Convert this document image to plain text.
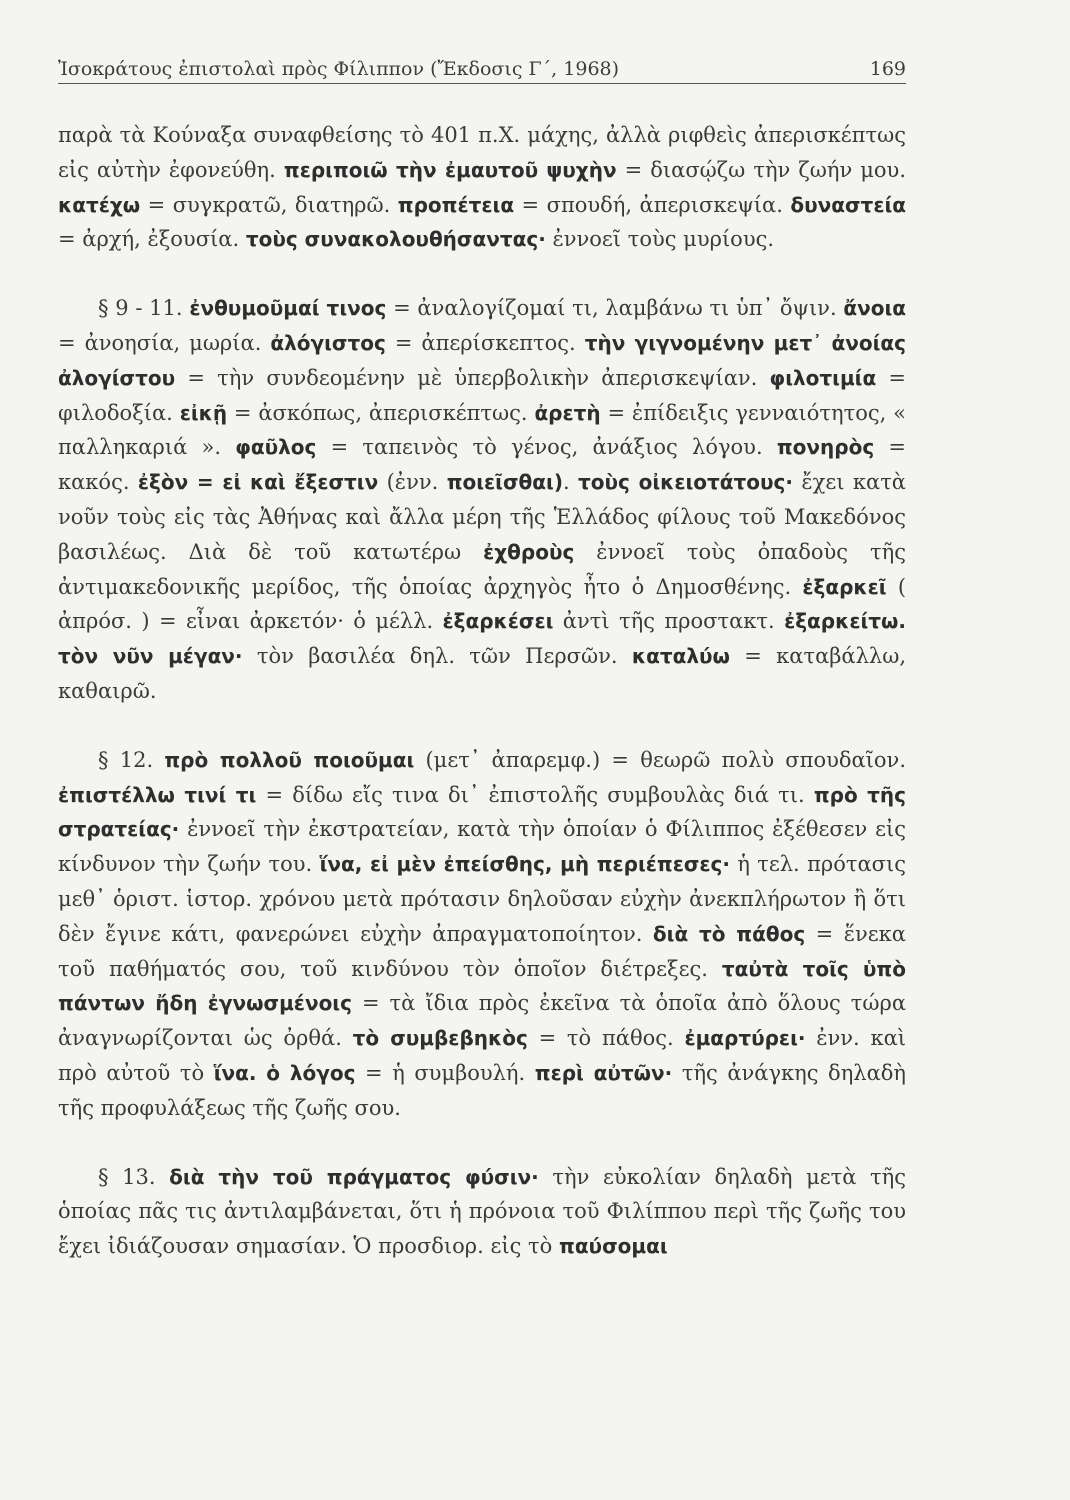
Ἰσοκράτους ἐπιστολαὶ πρὸς Φίλιππον (Ἔκδοσις Γ΄, 1968)	169

παρὰ τὰ Κούναξα συναφθείσης τὸ 401 π.Χ. μάχης, ἀλλὰ ριφθεὶς ἀπερισκέπτως εἰς αὐτὴν ἐφονεύθη. περιποιῶ τὴν ἐμαυτοῦ ψυχὴν = διασῴζω τὴν ζωήν μου. κατέχω = συγκρατῶ, διατηρῶ. προπέτεια = σπουδή, ἀπερισκεψία. δυναστεία = ἀρχή, ἐξουσία. τοὺς συνακολουθήσαντας· ἐννοεῖ τοὺς μυρίους.

§ 9 - 11. ἐνθυμοῦμαί τινος = ἀναλογίζομαί τι, λαμβάνω τι ὑπ᾽ ὄψιν. ἄνοια = ἀνοησία, μωρία. ἀλόγιστος = ἀπερίσκεπτος. τὴν γιγνομένην μετ᾽ ἀνοίας ἀλογίστου = τὴν συνδεομένην μὲ ὑπερβολικὴν ἀπερισκεψίαν. φιλοτιμία = φιλοδοξία. εἰκῇ = ἀσκόπως, ἀπερισκέπτως. ἀρετὴ = ἐπίδειξις γενναιότητος, « παλληκαριά ». φαῦλος = ταπεινὸς τὸ γένος, ἀνάξιος λόγου. πονηρὸς = κακός. ἐξὸν = εἰ καὶ ἔξεστιν (ἐνν. ποιεῖσθαι). τοὺς οἰκειοτάτους· ἔχει κατὰ νοῦν τοὺς εἰς τὰς Ἀθήνας καὶ ἄλλα μέρη τῆς Ἑλλάδος φίλους τοῦ Μακεδόνος βασιλέως. Διὰ δὲ τοῦ κατωτέρω ἐχθροὺς ἐννοεῖ τοὺς ὀπαδοὺς τῆς ἀντιμακεδονικῆς μερίδος, τῆς ὁποίας ἀρχηγὸς ἦτο ὁ Δημοσθένης. ἐξαρκεῖ ( ἀπρόσ. ) = εἶναι ἀρκετόν· ὁ μέλλ. ἐξαρκέσει ἀντὶ τῆς προστακτ. ἐξαρκείτω. τὸν νῦν μέγαν· τὸν βασιλέα δηλ. τῶν Περσῶν. καταλύω = καταβάλλω, καθαιρῶ.

§ 12. πρὸ πολλοῦ ποιοῦμαι (μετ᾽ ἀπαρεμφ.) = θεωρῶ πολὺ σπουδαῖον. ἐπιστέλλω τινί τι = δίδω εἴς τινα δι᾽ ἐπιστολῆς συμβουλὰς διά τι. πρὸ τῆς στρατείας· ἐννοεῖ τὴν ἐκστρατείαν, κατὰ τὴν ὁποίαν ὁ Φίλιππος ἐξέθεσεν εἰς κίνδυνον τὴν ζωήν του. ἵνα, εἰ μὲν ἐπείσθης, μὴ περιέπεσες· ἡ τελ. πρότασις μεθ᾽ ὁριστ. ἱστορ. χρόνου μετὰ πρότασιν δηλοῦσαν εὐχὴν ἀνεκπλήρωτον ἢ ὅτι δὲν ἔγινε κάτι, φανερώνει εὐχὴν ἀπραγματοποίητον. διὰ τὸ πάθος = ἕνεκα τοῦ παθήματός σου, τοῦ κινδύνου τὸν ὁποῖον διέτρεξες. ταὐτὰ τοῖς ὑπὸ πάντων ἤδη ἐγνωσμένοις = τὰ ἴδια πρὸς ἐκεῖνα τὰ ὁποῖα ἀπὸ ὅλους τώρα ἀναγνωρίζονται ὡς ὀρθά. τὸ συμβεβηκὸς = τὸ πάθος. ἐμαρτύρει· ἐνν. καὶ πρὸ αὐτοῦ τὸ ἵνα. ὁ λόγος = ἡ συμβουλή. περὶ αὐτῶν· τῆς ἀνάγκης δηλαδὴ τῆς προφυλάξεως τῆς ζωῆς σου.

§ 13. διὰ τὴν τοῦ πράγματος φύσιν· τὴν εὐκολίαν δηλαδὴ μετὰ τῆς ὁποίας πᾶς τις ἀντιλαμβάνεται, ὅτι ἡ πρόνοια τοῦ Φιλίππου περὶ τῆς ζωῆς του ἔχει ἰδιάζουσαν σημασίαν. Ὁ προσδιορ. εἰς τὸ παύσομαι
